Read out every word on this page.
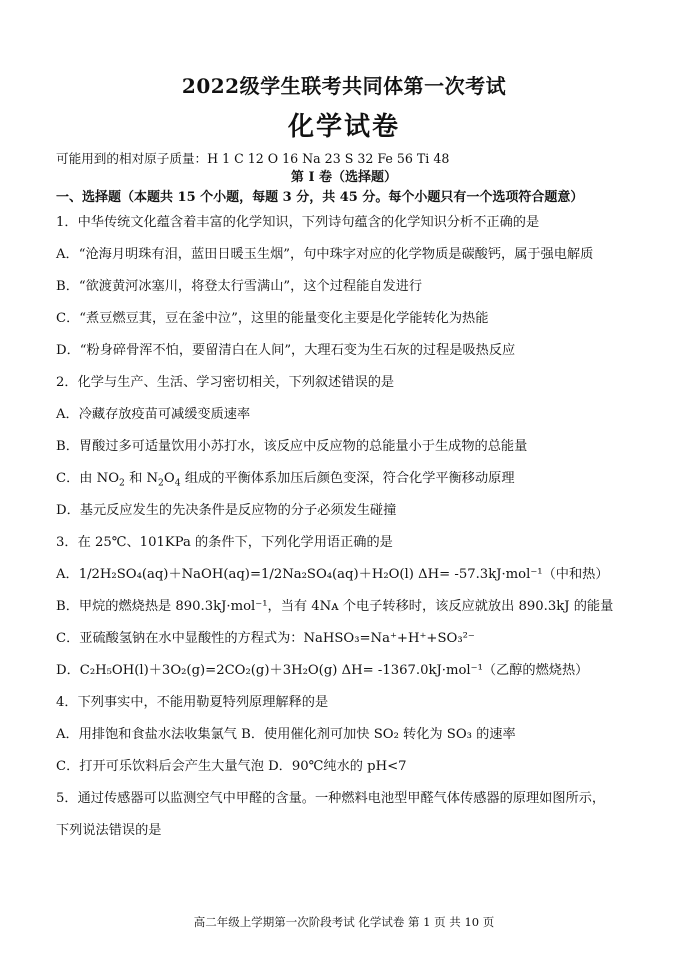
2022级学生联考共同体第一次考试
化学试卷
可能用到的相对原子质量：H 1 C 12 O 16 Na 23 S 32 Fe 56 Ti 48
第 I 卷（选择题）
一、选择题（本题共 15 个小题，每题 3 分，共 45 分。每个小题只有一个选项符合题意）
1．中华传统文化蕴含着丰富的化学知识，下列诗句蕴含的化学知识分析不正确的是
A．“沧海月明珠有泪，蓝田日暖玉生烟”，句中珠字对应的化学物质是碳酸钙，属于强电解质
B．“欲渡黄河冰塞川，将登太行雪满山”，这个过程能自发进行
C．“煮豆燃豆萁，豆在釜中泣”，这里的能量变化主要是化学能转化为热能
D．“粉身碎骨浑不怕，要留清白在人间”，大理石变为生石灰的过程是吸热反应
2．化学与生产、生活、学习密切相关，下列叙述错误的是
A．冷藏存放疫苗可减缓变质速率
B．胃酸过多可适量饮用小苏打水，该反应中反应物的总能量小于生成物的总能量
C．由 $NO_2$ 和 $N_2O_4$ 组成的平衡体系加压后颜色变深，符合化学平衡移动原理
D．基元反应发生的先决条件是反应物的分子必须发生碰撞
3．在 25℃、101KPa 的条件下，下列化学用语正确的是
A．1/2H₂SO₄(aq)＋NaOH(aq)=1/2Na₂SO₄(aq)＋H₂O(l) ΔH= -57.3kJ·mol⁻¹（中和热）
B．甲烷的燃烧热是 890.3kJ·mol⁻¹，当有 4Nᴀ 个电子转移时，该反应就放出 890.3kJ 的能量
C．亚硫酸氢钠在水中显酸性的方程式为：NaHSO₃=Na⁺+H⁺+SO₃²⁻
D．C₂H₅OH(l)＋3O₂(g)=2CO₂(g)＋3H₂O(g) ΔH= -1367.0kJ·mol⁻¹（乙醇的燃烧热）
4．下列事实中，不能用勒夏特列原理解释的是
A．用排饱和食盐水法收集氯气 B．使用催化剂可加快 SO₂ 转化为 SO₃ 的速率
C．打开可乐饮料后会产生大量气泡 D．90℃纯水的 pH<7
5．通过传感器可以监测空气中甲醛的含量。一种燃料电池型甲醛气体传感器的原理如图所示，
下列说法错误的是
高二年级上学期第一次阶段考试 化学试卷 第 1 页 共 10 页
